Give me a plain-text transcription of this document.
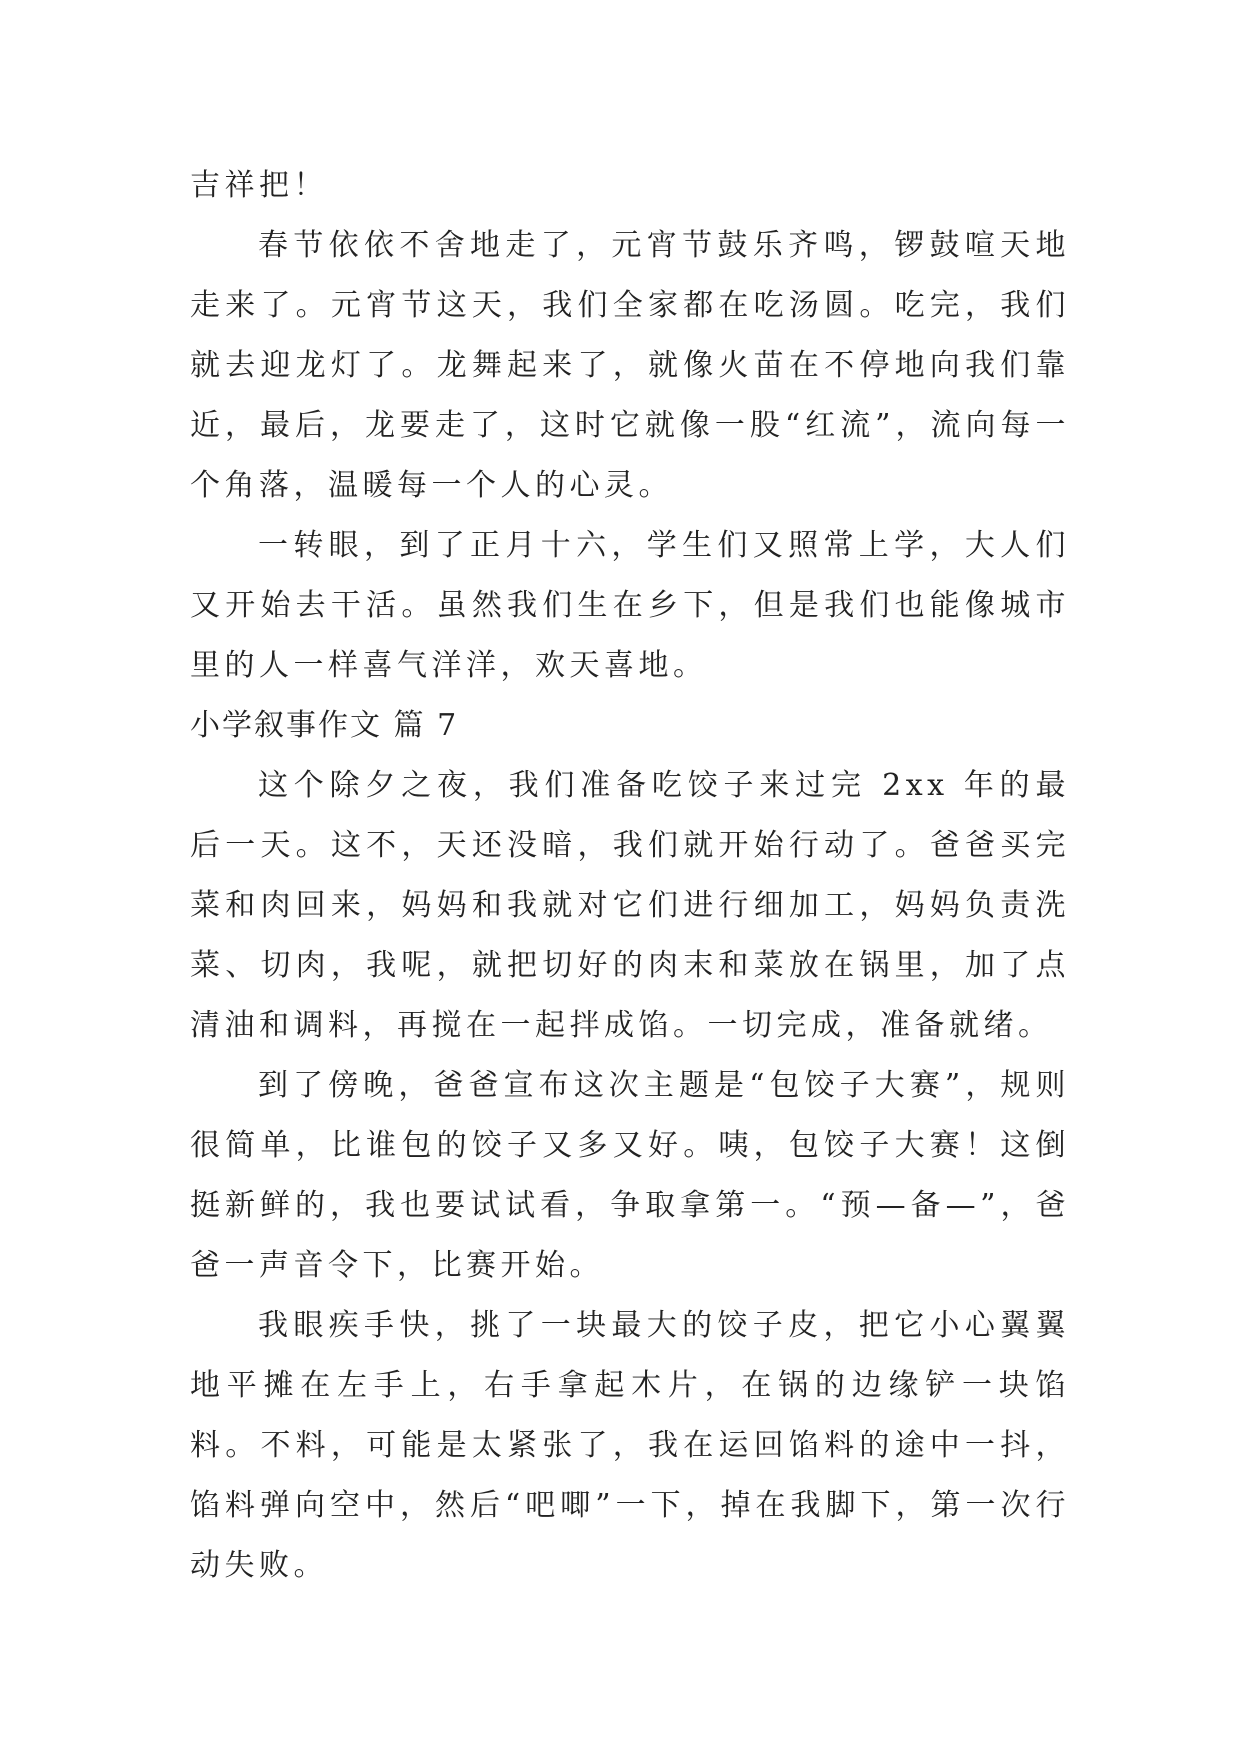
吉祥把！

春节依依不舍地走了，元宵节鼓乐齐鸣，锣鼓喧天地走来了。元宵节这天，我们全家都在吃汤圆。吃完，我们就去迎龙灯了。龙舞起来了，就像火苗在不停地向我们靠近，最后，龙要走了，这时它就像一股“红流”，流向每一个角落，温暖每一个人的心灵。

一转眼，到了正月十六，学生们又照常上学，大人们又开始去干活。虽然我们生在乡下，但是我们也能像城市里的人一样喜气洋洋，欢天喜地。

小学叙事作文 篇 7

这个除夕之夜，我们准备吃饺子来过完 2xx 年的最后一天。这不，天还没暗，我们就开始行动了。爸爸买完菜和肉回来，妈妈和我就对它们进行细加工，妈妈负责洗菜、切肉，我呢，就把切好的肉末和菜放在锅里，加了点清油和调料，再搅在一起拌成馅。一切完成，准备就绪。

到了傍晚，爸爸宣布这次主题是“包饺子大赛”，规则很简单，比谁包的饺子又多又好。咦，包饺子大赛！这倒挺新鲜的，我也要试试看，争取拿第一。“预—备—”，爸爸一声音令下，比赛开始。

我眼疾手快，挑了一块最大的饺子皮，把它小心翼翼地平摊在左手上，右手拿起木片，在锅的边缘铲一块馅料。不料，可能是太紧张了，我在运回馅料的途中一抖，馅料弹向空中，然后“吧唧”一下，掉在我脚下，第一次行动失败。
